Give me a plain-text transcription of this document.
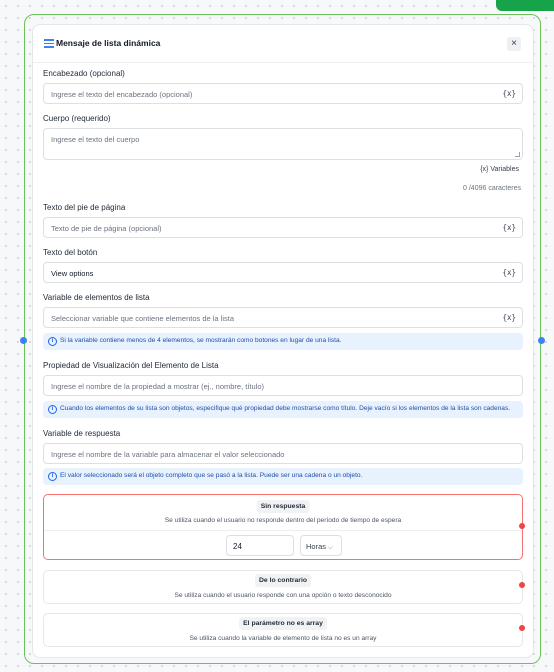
Mensaje de lista dinámica	×
Encabezado (opcional)
Ingrese el texto del encabezado (opcional)	{x}
Cuerpo (requerido)
Ingrese el texto del cuerpo
{x} Variables
0 /4096 caracteres
Texto del pie de página
Texto de pie de página (opcional)	{x}
Texto del botón
View options	{x}
Variable de elementos de lista
Seleccionar variable que contiene elementos de la lista	{x}
i	Si la variable contiene menos de 4 elementos, se mostrarán como botones en lugar de una lista.
Propiedad de Visualización del Elemento de Lista
Ingrese el nombre de la propiedad a mostrar (ej., nombre, título)
i	Cuando los elementos de su lista son objetos, especifique qué propiedad debe mostrarse como título. Deje vacío si los elementos de la lista son cadenas.
Variable de respuesta
Ingrese el nombre de la variable para almacenar el valor seleccionado
i	El valor seleccionado será el objeto completo que se pasó a la lista. Puede ser una cadena o un objeto.
Sin respuesta
Se utiliza cuando el usuario no responde dentro del período de tiempo de espera
24	Horas ⌵
De lo contrario
Se utiliza cuando el usuario responde con una opción o texto desconocido
El parámetro no es array
Se utiliza cuando la variable de elemento de lista no es un array
